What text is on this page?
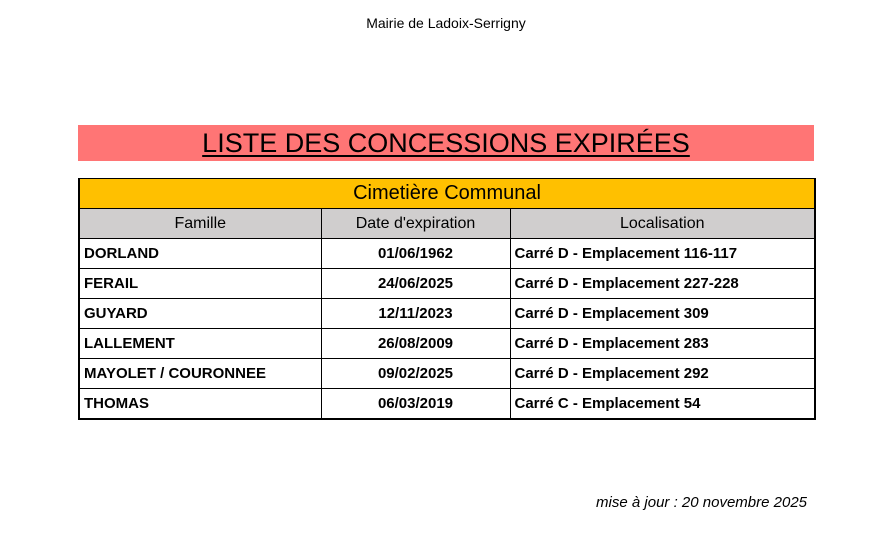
Mairie de Ladoix-Serrigny
LISTE DES CONCESSIONS EXPIRÉES
Cimetière Communal		
Famille	Date d'expiration	Localisation
DORLAND	01/06/1962	Carré D - Emplacement 116-117
FERAIL	24/06/2025	Carré D - Emplacement 227-228
GUYARD	12/11/2023	Carré D - Emplacement 309
LALLEMENT	26/08/2009	Carré D - Emplacement 283
MAYOLET / COURONNEE	09/02/2025	Carré D - Emplacement 292
THOMAS	06/03/2019	Carré C - Emplacement 54
mise à jour : 20 novembre 2025
